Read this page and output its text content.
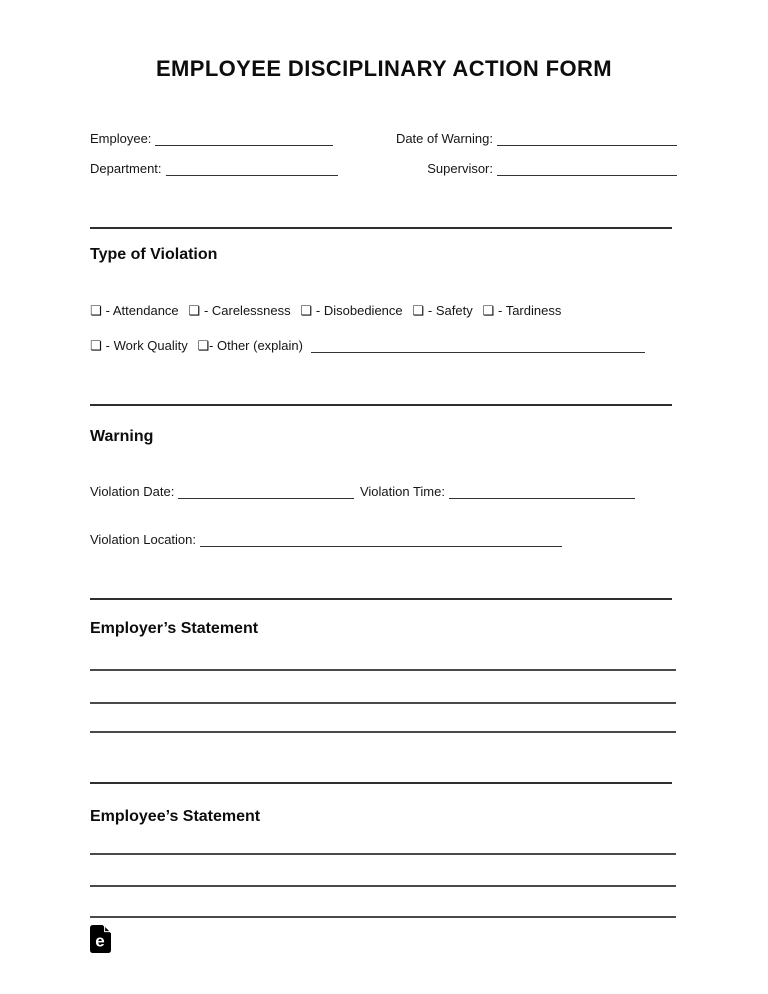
EMPLOYEE DISCIPLINARY ACTION FORM
Employee:	Date of Warning:
Department:	Supervisor:
Type of Violation
❏ - Attendance ❏ - Carelessness ❏ - Disobedience ❏ - Safety ❏ - Tardiness
❏ - Work Quality ❏- Other (explain)
Warning
Violation Date:	Violation Time:
Violation Location:
Employer’s Statement
Employee’s Statement
e
